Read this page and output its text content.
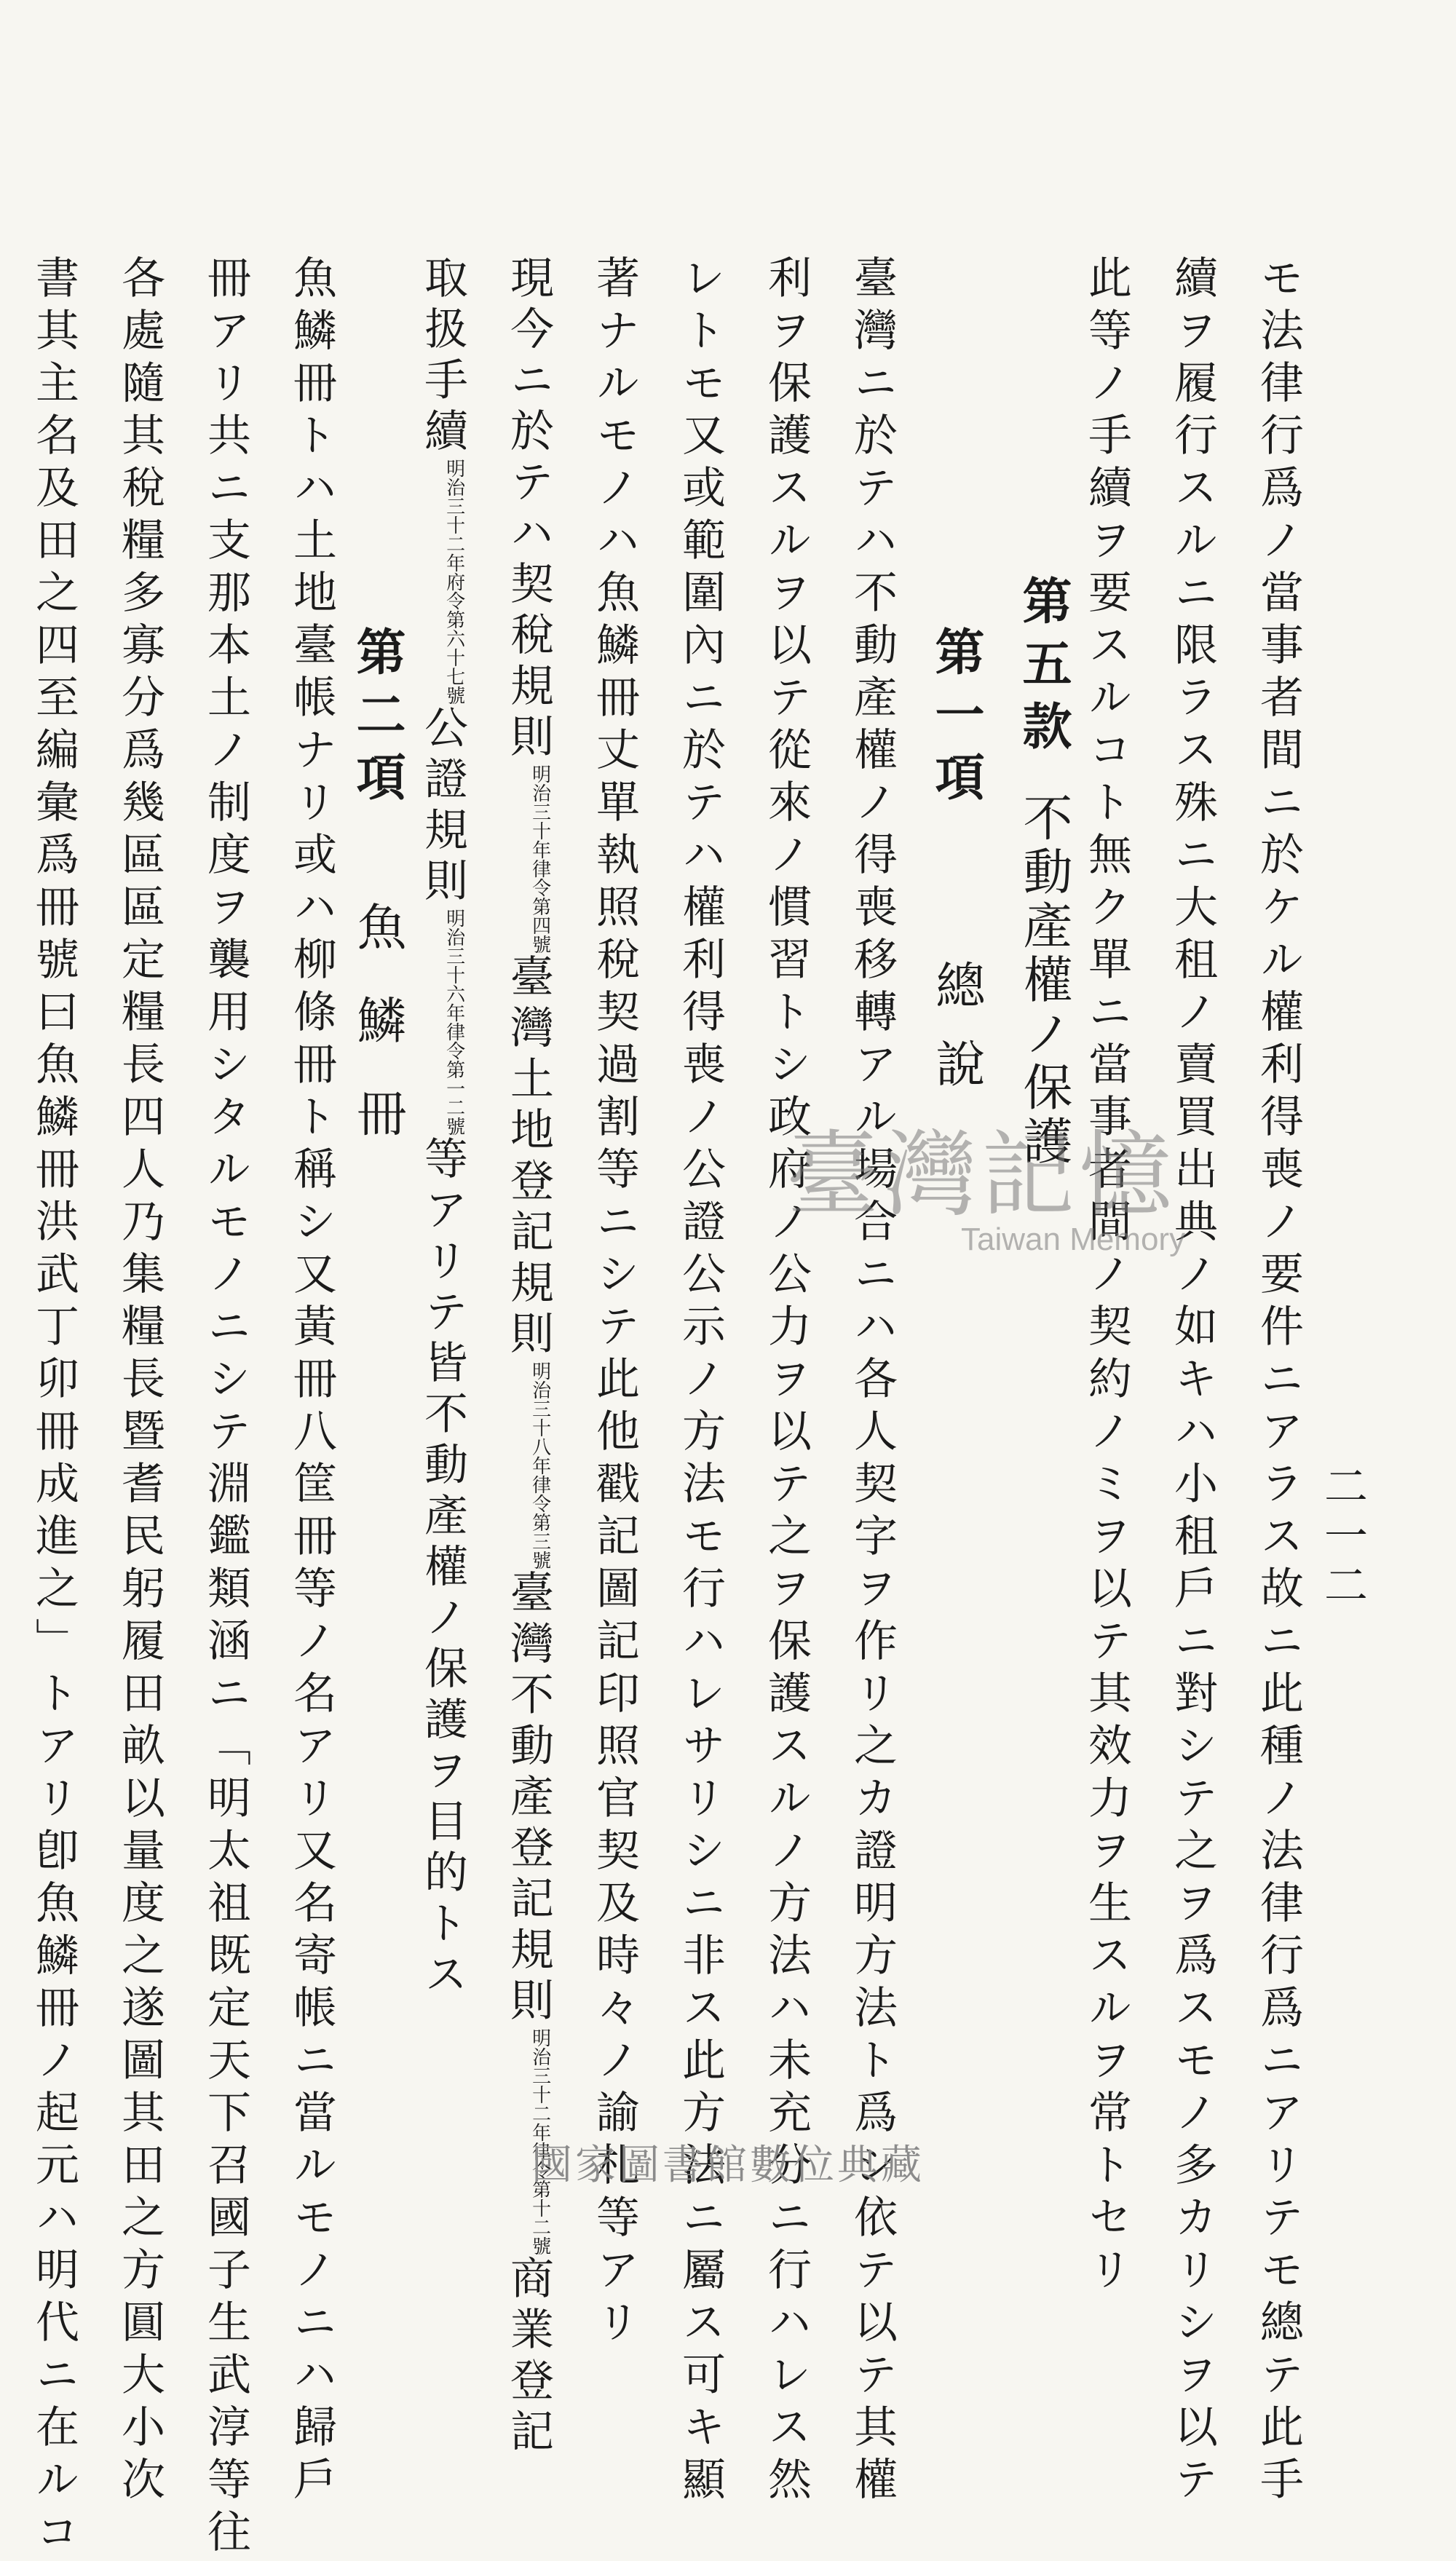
二一二
モ法律行爲ノ當事者間ニ於ケル權利得喪ノ要件ニアラス故ニ此種ノ法律行爲ニアリテモ總テ此手
續ヲ履行スルニ限ラス殊ニ大租ノ賣買出典ノ如キハ小租戶ニ對シテ之ヲ爲スモノ多カリシヲ以テ
此等ノ手續ヲ要スルコト無ク單ニ當事者間ノ契約ノミヲ以テ其效力ヲ生スルヲ常トセリ
第五款不動產權ノ保護
第一項總說
臺灣ニ於テハ不動產權ノ得喪移轉アル場合ニハ各人契字ヲ作リ之カ證明方法ト爲シ依テ以テ其權
利ヲ保護スルヲ以テ從來ノ慣習トシ政府ノ公力ヲ以テ之ヲ保護スルノ方法ハ未充分ニ行ハレス然
レトモ又或範圍內ニ於テハ權利得喪ノ公證公示ノ方法モ行ハレサリシニ非ス此方法ニ屬ス可キ顯
著ナルモノハ魚鱗冊丈單執照稅契過割等ニシテ此他戳記圖記印照官契及時々ノ諭札等アリ
現今ニ於テハ契稅規則明治三十年律令第四號臺灣土地登記規則明治三十八年律令第三號臺灣不動產登記規則明治三十二年律令第十二號商業登記
取扱手續明治三十二年府令第六十七號公證規則明治三十六年律令第一二號等アリテ皆不動產權ノ保護ヲ目的トス
第二項魚鱗冊
魚鱗冊トハ土地臺帳ナリ或ハ柳條冊ト稱シ又黃冊八筐冊等ノ名アリ又名寄帳ニ當ルモノニハ歸戶
冊アリ共ニ支那本土ノ制度ヲ襲用シタルモノニシテ淵鑑類涵ニ「明太祖既定天下召國子生武淳等往
各處隨其稅糧多寡分爲幾區區定糧長四人乃集糧長暨耆民躬履田畝以量度之遂圖其田之方圓大小次
書其主名及田之四至編彙爲冊號曰魚鱗冊洪武丁卯冊成進之」トアリ卽魚鱗冊ノ起元ハ明代ニ在ルコ	臺灣記憶
Taiwan Memory
國家圖書館數位典藏
